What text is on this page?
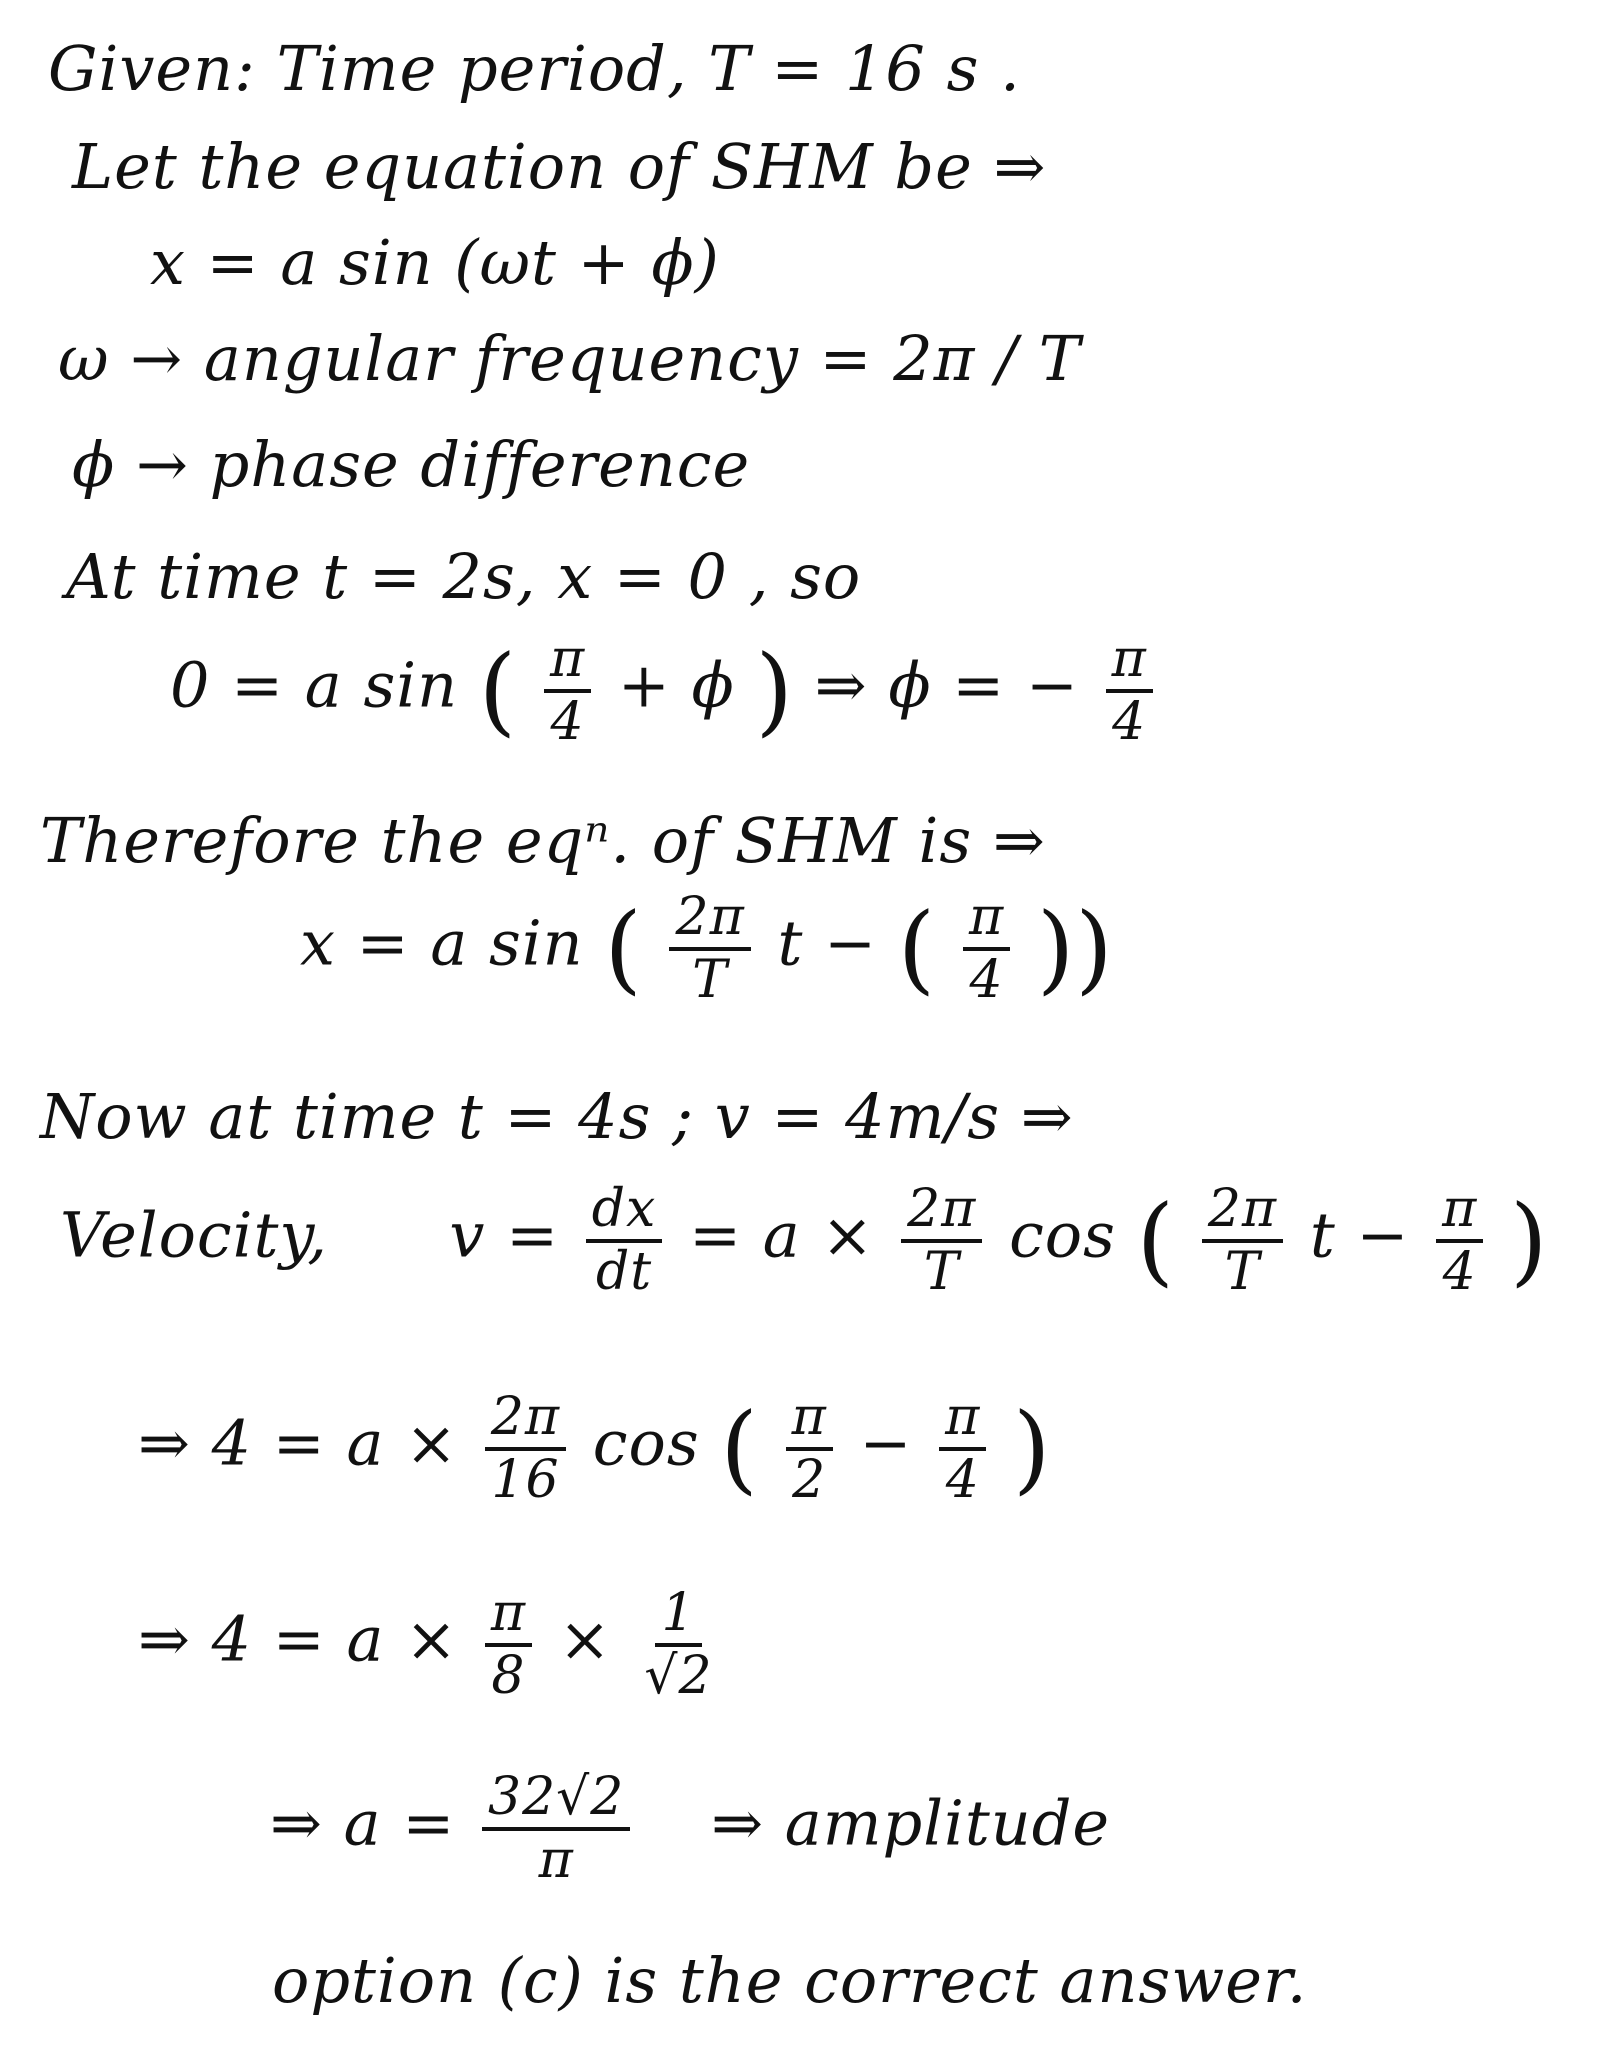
Given: Time period, T = 16 s .
Let the equation of SHM be ⇒
x = a sin (ωt + ϕ)
ω → angular frequency = 2π / T
ϕ → phase difference
At time t = 2s, x = 0 , so
0 = a sin ( $\frac{\pi}{4} + \phi$ ) ⇒ ϕ = − $\frac{\pi}{4}$
Therefore the eqⁿ. of SHM is ⇒
x = a sin ( $\frac{2\pi}{T}$ t − ( $\frac{\pi}{4}$ ))
Now at time t = 4s ; v = 4m/s ⇒
Velocity, $v = \frac{dx}{dt} = a \times \frac{2\pi}{T}$ cos ( $\frac{2\pi}{T}$ $t - \frac{\pi}{4}$ )
⇒ $4 = a \times \frac{2\pi}{16}$ cos ( $\frac{\pi}{2} - \frac{\pi}{4}$ )
⇒ $4 = a \times \frac{\pi}{8} \times \frac{1}{√2}$
⇒ $a = \frac{32√2}{\pi}$ ⇒ amplitude
option (c) is the correct answer.
